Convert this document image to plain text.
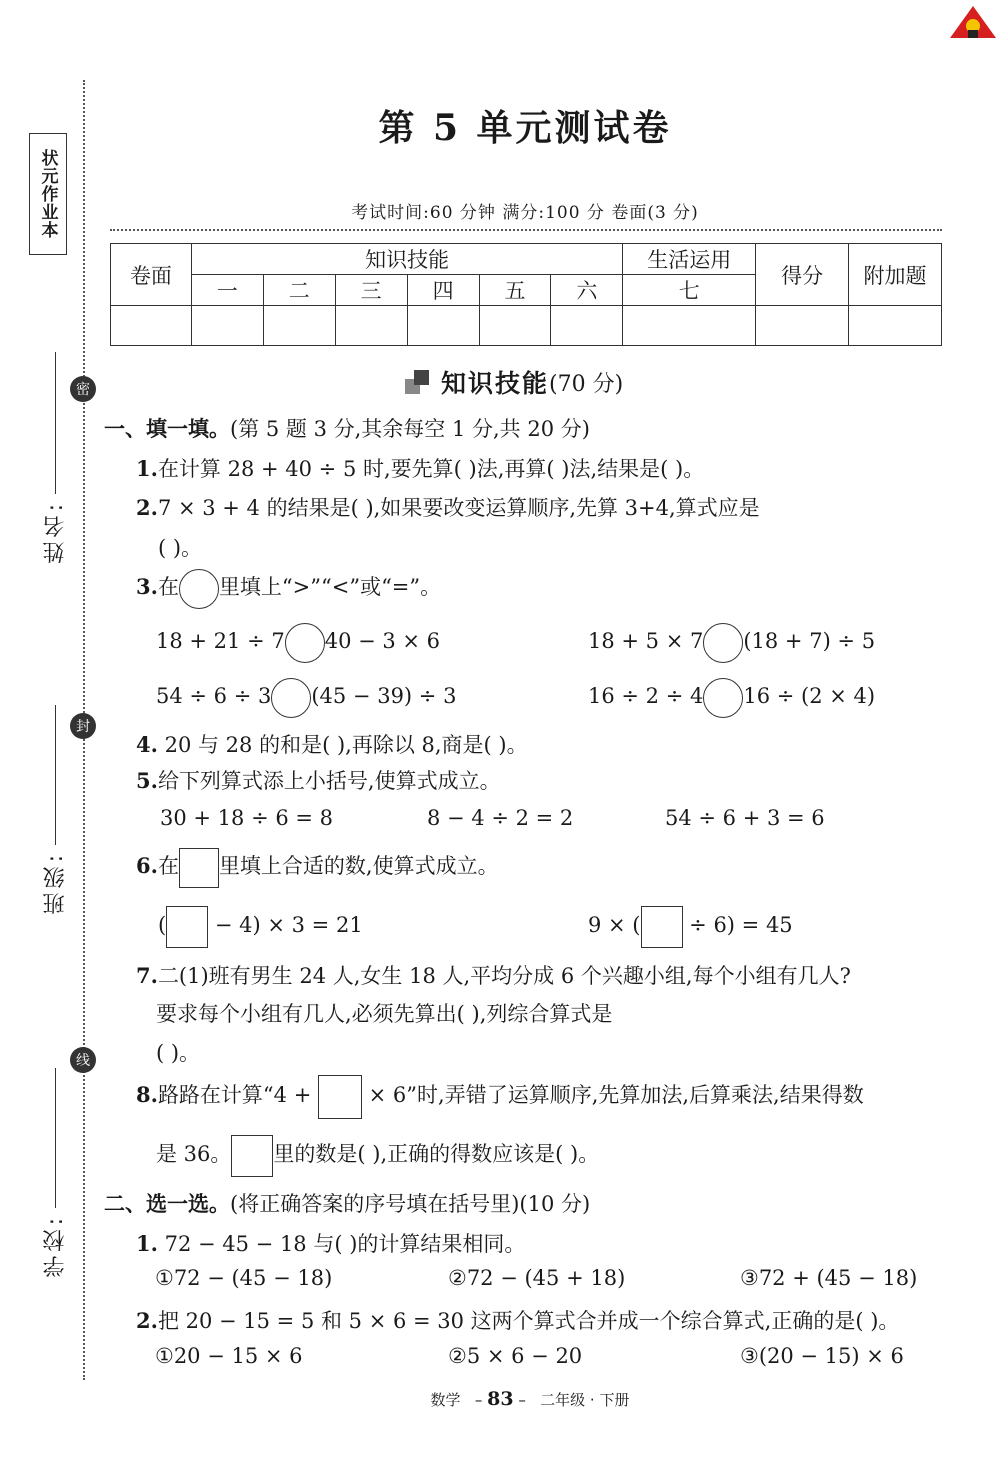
状元作业本
密
封
线
姓名:
班级:
学校:
第 5 单元测试卷
考试时间:60 分钟 满分:100 分 卷面(3 分)
卷面	知识技能						生活运用	得分	附加题
	一	二	三	四	五	六	七		

知识技能 (70 分)
一、填一填。(第 5 题 3 分,其余每空 1 分,共 20 分)
1.在计算 28 + 40 ÷ 5 时,要先算( )法,再算( )法,结果是( )。
2.7 × 3 + 4 的结果是( ),如果要改变运算顺序,先算 3+4,算式应是
( )。
3.在 里填上“>”“<”或“=”。
18 + 21 ÷ 7 40 − 3 × 6	18 + 5 × 7 (18 + 7) ÷ 5
54 ÷ 6 ÷ 3 (45 − 39) ÷ 3	16 ÷ 2 ÷ 4 16 ÷ (2 × 4)
4. 20 与 28 的和是( ),再除以 8,商是( )。
5.给下列算式添上小括号,使算式成立。
30 + 18 ÷ 6 = 8	8 − 4 ÷ 2 = 2	54 ÷ 6 + 3 = 6
6.在 里填上合适的数,使算式成立。
( − 4) × 3 = 21	9 × ( ÷ 6) = 45
7.二(1)班有男生 24 人,女生 18 人,平均分成 6 个兴趣小组,每个小组有几人?
要求每个小组有几人,必须先算出( ),列综合算式是
( )。
8.路路在计算“4 +  × 6”时,弄错了运算顺序,先算加法,后算乘法,结果得数
是 36。 里的数是( ),正确的得数应该是( )。
二、选一选。(将正确答案的序号填在括号里)(10 分)
1. 72 − 45 − 18 与( )的计算结果相同。
①72 − (45 − 18)	②72 − (45 + 18)	③72 + (45 − 18)
2.把 20 − 15 = 5 和 5 × 6 = 30 这两个算式合并成一个综合算式,正确的是( )。
①20 − 15 × 6	②5 × 6 − 20	③(20 − 15) × 6
数学   – 83 –   二年级 · 下册
